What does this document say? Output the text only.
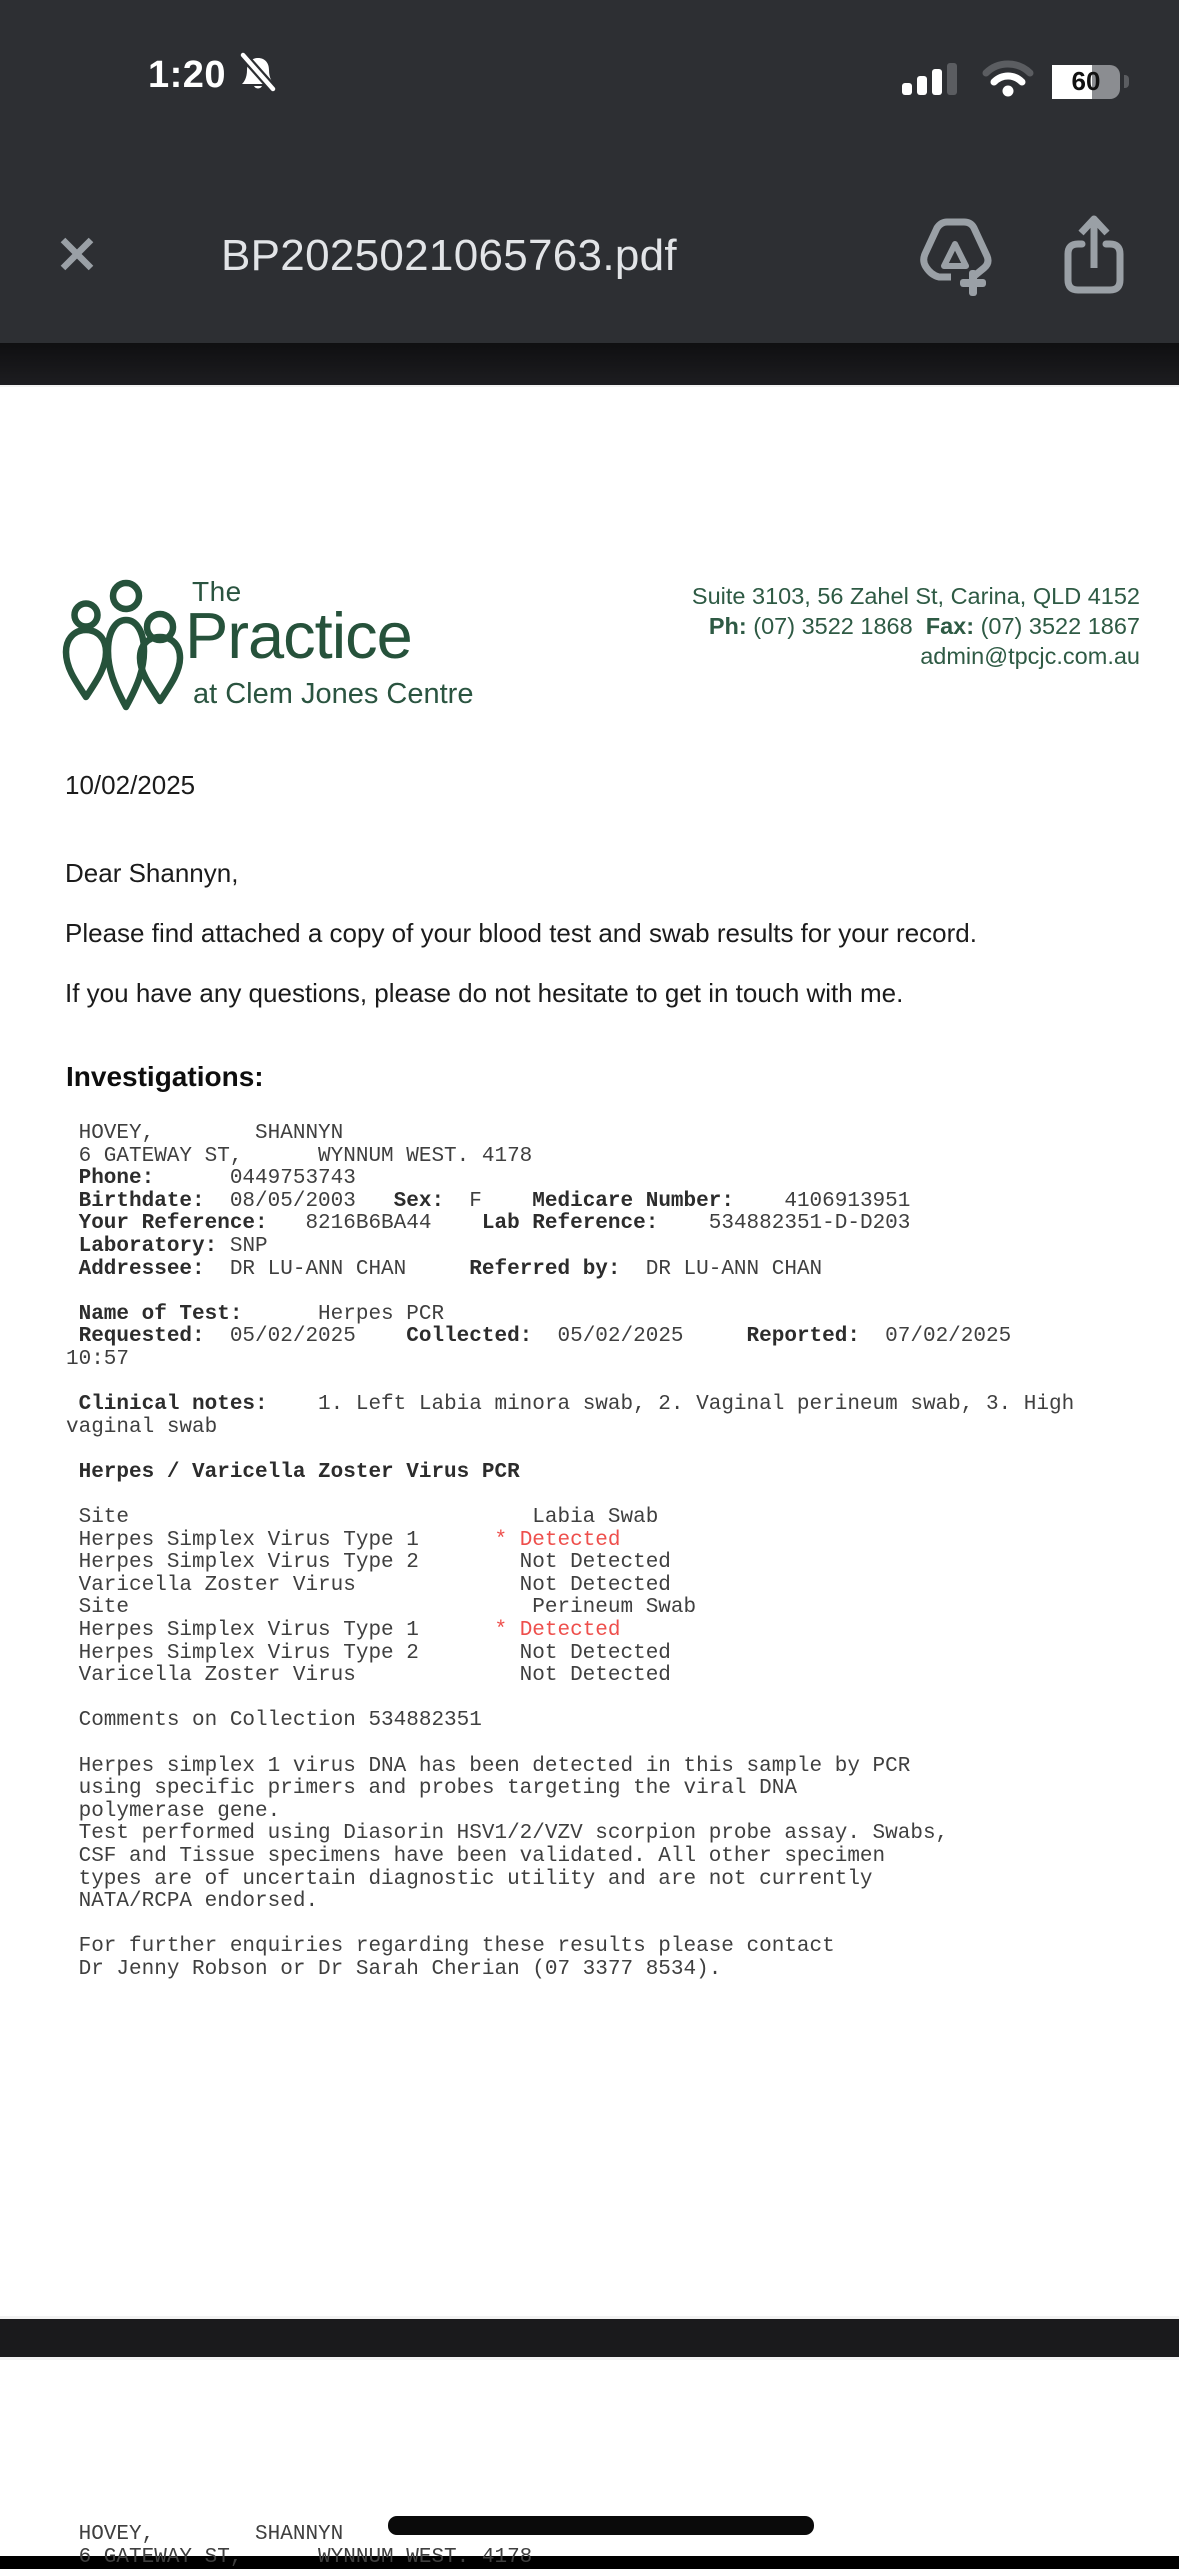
1:20	60
BP2025021065763.pdf
The
Practice
at Clem Jones Centre
Suite 3103, 56 Zahel St, Carina, QLD 4152
Ph: (07) 3522 1868  Fax: (07) 3522 1867
admin@tpcjc.com.au
10/02/2025
Dear Shannyn,
Please find attached a copy of your blood test and swab results for your record.
If you have any questions, please do not hesitate to get in touch with me.
Investigations:
HOVEY,        SHANNYN
6 GATEWAY ST,      WYNNUM WEST. 4178
Phone:      0449753743
Birthdate:  08/05/2003   Sex:  F    Medicare Number:    4106913951
Your Reference:   8216B6BA44    Lab Reference:    534882351-D-D203
Laboratory: SNP
Addressee:  DR LU-ANN CHAN     Referred by:  DR LU-ANN CHAN

Name of Test:      Herpes PCR
Requested:  05/02/2025    Collected:  05/02/2025     Reported:  07/02/2025
10:57

Clinical notes:    1. Left Labia minora swab, 2. Vaginal perineum swab, 3. High
vaginal swab

Herpes / Varicella Zoster Virus PCR

Site                                Labia Swab
Herpes Simplex Virus Type 1      * Detected
Herpes Simplex Virus Type 2        Not Detected
Varicella Zoster Virus             Not Detected
Site                                Perineum Swab
Herpes Simplex Virus Type 1      * Detected
Herpes Simplex Virus Type 2        Not Detected
Varicella Zoster Virus             Not Detected

Comments on Collection 534882351

Herpes simplex 1 virus DNA has been detected in this sample by PCR
using specific primers and probes targeting the viral DNA
polymerase gene.
Test performed using Diasorin HSV1/2/VZV scorpion probe assay. Swabs,
CSF and Tissue specimens have been validated. All other specimen
types are of uncertain diagnostic utility and are not currently
NATA/RCPA endorsed.

For further enquiries regarding these results please contact
Dr Jenny Robson or Dr Sarah Cherian (07 3377 8534).
HOVEY,        SHANNYN
6 GATEWAY ST,      WYNNUM WEST. 4178
